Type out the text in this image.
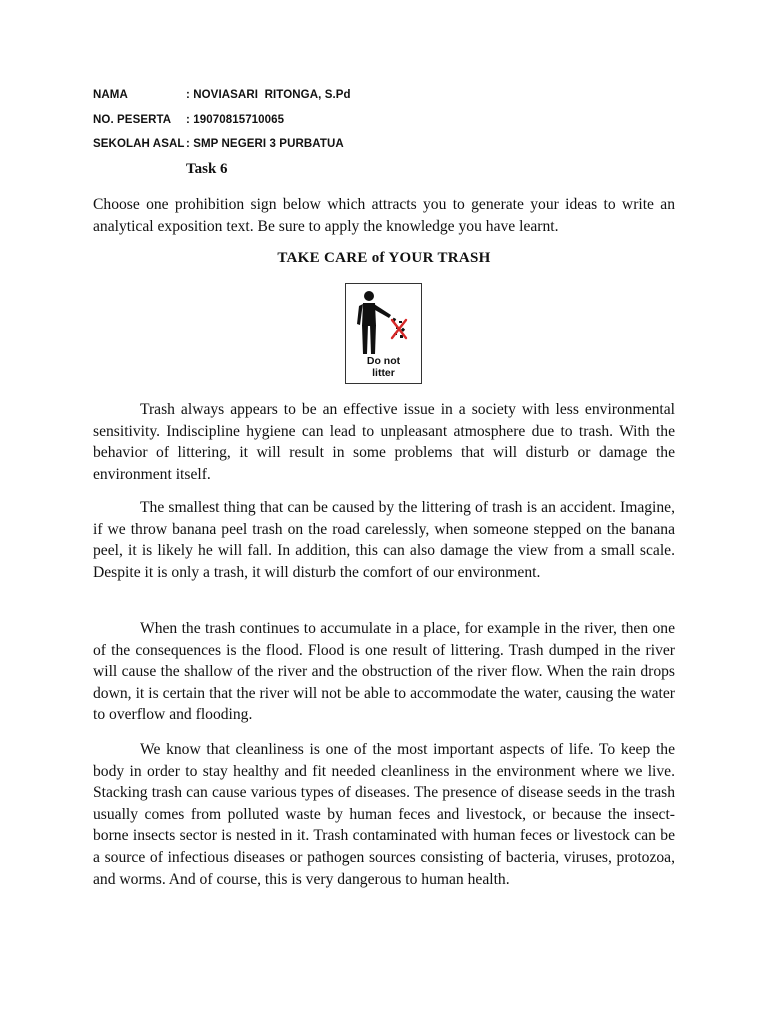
NAMA	: NOVIASARI  RITONGA, S.Pd
NO. PESERTA : 19070815710065
SEKOLAH ASAL : SMP NEGERI 3 PURBATUA
Task 6

Choose one prohibition sign below which attracts you to generate your ideas to write an analytical exposition text. Be sure to apply the knowledge you have learnt.

TAKE CARE of YOUR TRASH
Do not
litter

Trash always appears to be an effective issue in a society with less environmental sensitivity. Indiscipline hygiene can lead to unpleasant atmosphere due to trash. With the behavior of littering, it will result in some problems that will disturb or damage the environment itself.

The smallest thing that can be caused by the littering of trash is an accident. Imagine, if we throw banana peel trash on the road carelessly, when someone stepped on the banana peel, it is likely he will fall. In addition, this can also damage the view from a small scale. Despite it is only a trash, it will disturb the comfort of our environment.

When the trash continues to accumulate in a place, for example in the river, then one of the consequences is the flood. Flood is one result of littering. Trash dumped in the river will cause the shallow of the river and the obstruction of the river flow. When the rain drops down, it is certain that the river will not be able to accommodate the water, causing the water to overflow and flooding.

We know that cleanliness is one of the most important aspects of life. To keep the body in order to stay healthy and fit needed cleanliness in the environment where we live. Stacking trash can cause various types of diseases. The presence of disease seeds in the trash usually comes from polluted waste by human feces and livestock, or because the insect-borne insects sector is nested in it. Trash contaminated with human feces or livestock can be a source of infectious diseases or pathogen sources consisting of bacteria, viruses, protozoa, and worms. And of course, this is very dangerous to human health.
